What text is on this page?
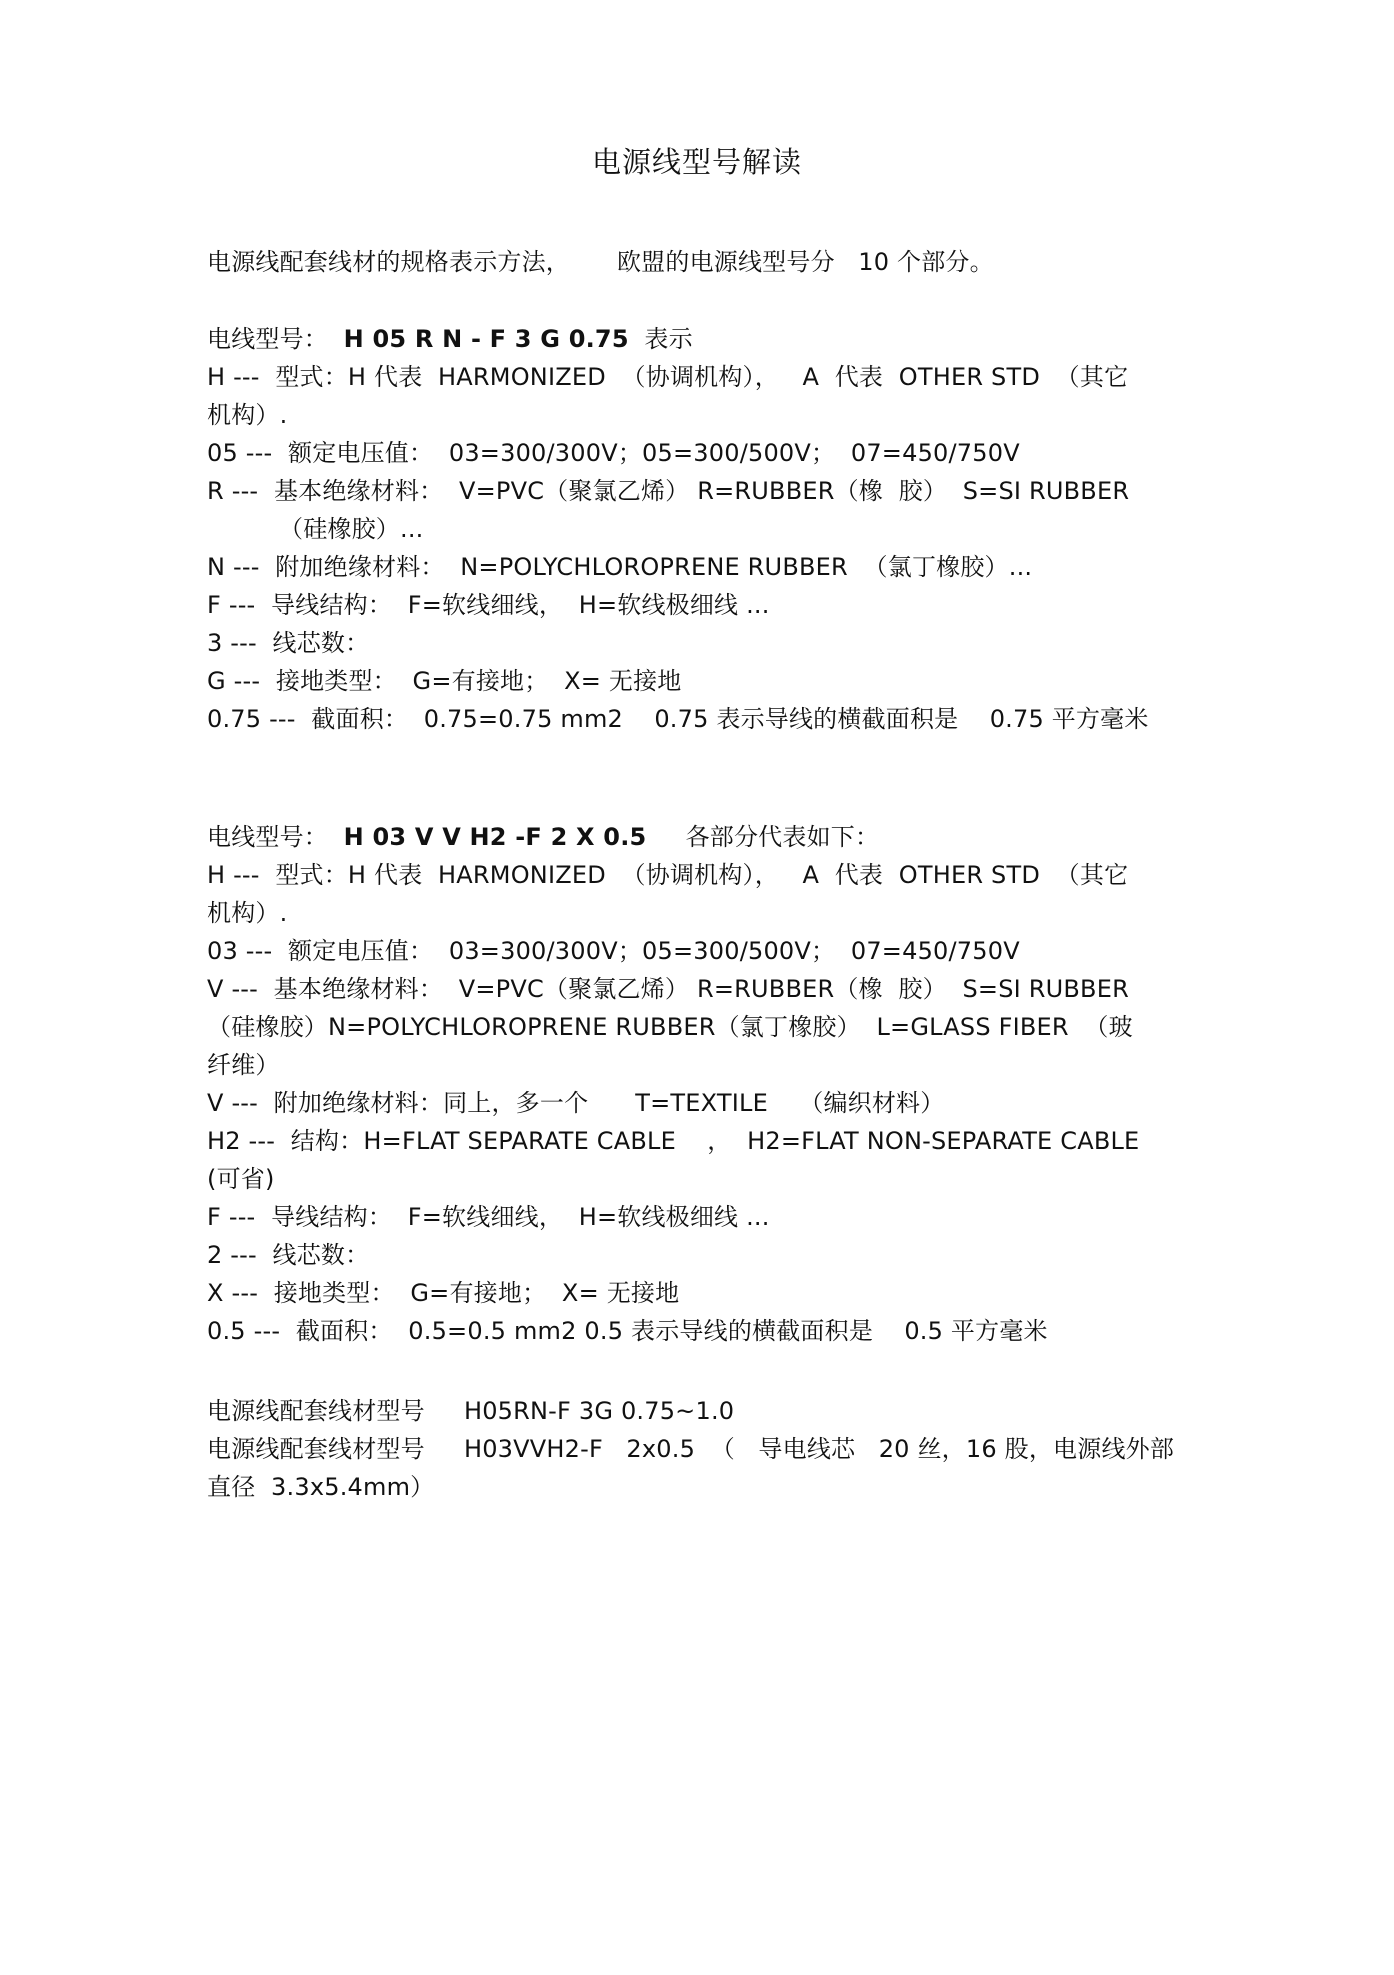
电源线型号解读
电源线配套线材的规格表示方法，      欧盟的电源线型号分   10 个部分。
电线型号：  H 05 R N - F 3 G 0.75  表示
H ---  型式：H 代表  HARMONIZED  （协调机构），   A  代表  OTHER STD  （其它
机构）.
05 ---  额定电压值：  03=300/300V；05=300/500V；  07=450/750V
R ---  基本绝缘材料：  V=PVC（聚氯乙烯） R=RUBBER（橡  胶）  S=SI RUBBER
（硅橡胶）...
N ---  附加绝缘材料：  N=POLYCHLOROPRENE RUBBER  （氯丁橡胶）...
F ---  导线结构：  F=软线细线，  H=软线极细线 ...
3 ---  线芯数：
G ---  接地类型：  G=有接地；  X= 无接地
0.75 ---  截面积：  0.75=0.75 mm2    0.75 表示导线的横截面积是    0.75 平方毫米
电线型号：  H 03 V V H2 -F 2 X 0.5     各部分代表如下：
H ---  型式：H 代表  HARMONIZED  （协调机构），   A  代表  OTHER STD  （其它
机构）.
03 ---  额定电压值：  03=300/300V；05=300/500V；  07=450/750V
V ---  基本绝缘材料：  V=PVC（聚氯乙烯） R=RUBBER（橡  胶）  S=SI RUBBER
（硅橡胶）N=POLYCHLOROPRENE RUBBER（氯丁橡胶）  L=GLASS FIBER  （玻
纤维）
V ---  附加绝缘材料：同上，多一个      T=TEXTILE    （编织材料）
H2 ---  结构：H=FLAT SEPARATE CABLE    ，  H2=FLAT NON-SEPARATE CABLE
(可省)
F ---  导线结构：  F=软线细线，  H=软线极细线 ...
2 ---  线芯数：
X ---  接地类型：  G=有接地；  X= 无接地
0.5 ---  截面积：  0.5=0.5 mm2 0.5 表示导线的横截面积是    0.5 平方毫米
电源线配套线材型号     H05RN-F 3G 0.75~1.0
电源线配套线材型号     H03VVH2-F   2x0.5  （   导电线芯   20 丝，16 股，电源线外部
直径  3.3x5.4mm）
